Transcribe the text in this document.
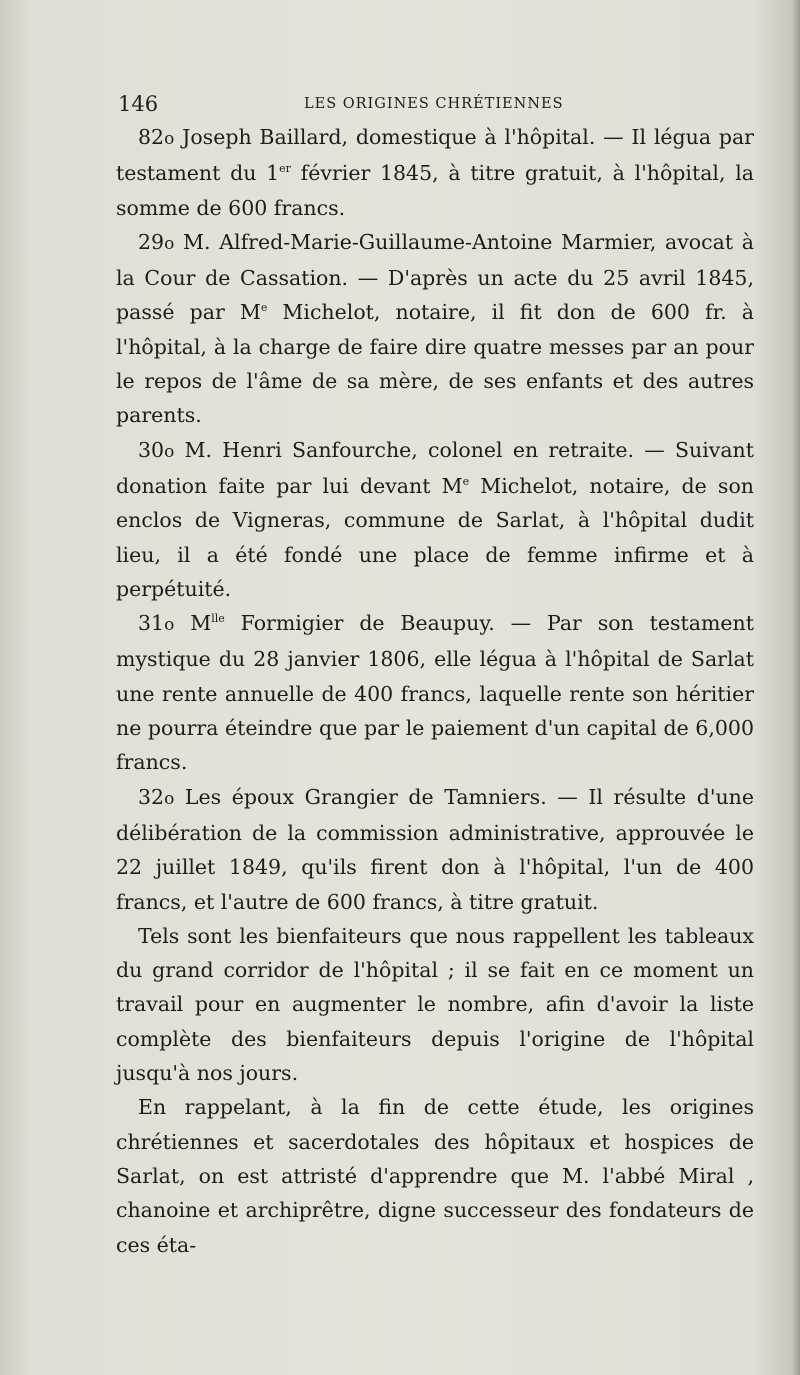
146	LES ORIGINES CHRÉTIENNES

82o Joseph Baillard, domestique à l'hôpital. — Il légua par testament du 1er février 1845, à titre gratuit, à l'hôpital, la somme de 600 francs.

29o M. Alfred-Marie-Guillaume-Antoine Marmier, avocat à la Cour de Cassation. — D'après un acte du 25 avril 1845, passé par Me Michelot, notaire, il fit don de 600 fr. à l'hôpital, à la charge de faire dire quatre messes par an pour le repos de l'âme de sa mère, de ses enfants et des autres parents.

30o M. Henri Sanfourche, colonel en retraite. — Suivant donation faite par lui devant Me Michelot, notaire, de son enclos de Vigneras, commune de Sarlat, à l'hôpital dudit lieu, il a été fondé une place de femme infirme et à perpétuité.

31o $M^{lle}$ Formigier de Beaupuy. — Par son testament mystique du 28 janvier 1806, elle légua à l'hôpital de Sarlat une rente annuelle de 400 francs, laquelle rente son héritier ne pourra éteindre que par le paiement d'un capital de 6,000 francs.

32o Les époux Grangier de Tamniers. — Il résulte d'une délibération de la commission administrative, approuvée le 22 juillet 1849, qu'ils firent don à l'hôpital, l'un de 400 francs, et l'autre de 600 francs, à titre gratuit.

Tels sont les bienfaiteurs que nous rappellent les tableaux du grand corridor de l'hôpital ; il se fait en ce moment un travail pour en augmenter le nombre, afin d'avoir la liste complète des bienfaiteurs depuis l'origine de l'hôpital jusqu'à nos jours.

En rappelant, à la fin de cette étude, les origines chrétiennes et sacerdotales des hôpitaux et hospices de Sarlat, on est attristé d'apprendre que M. l'abbé Miral , chanoine et archiprêtre, digne successeur des fondateurs de ces éta-
